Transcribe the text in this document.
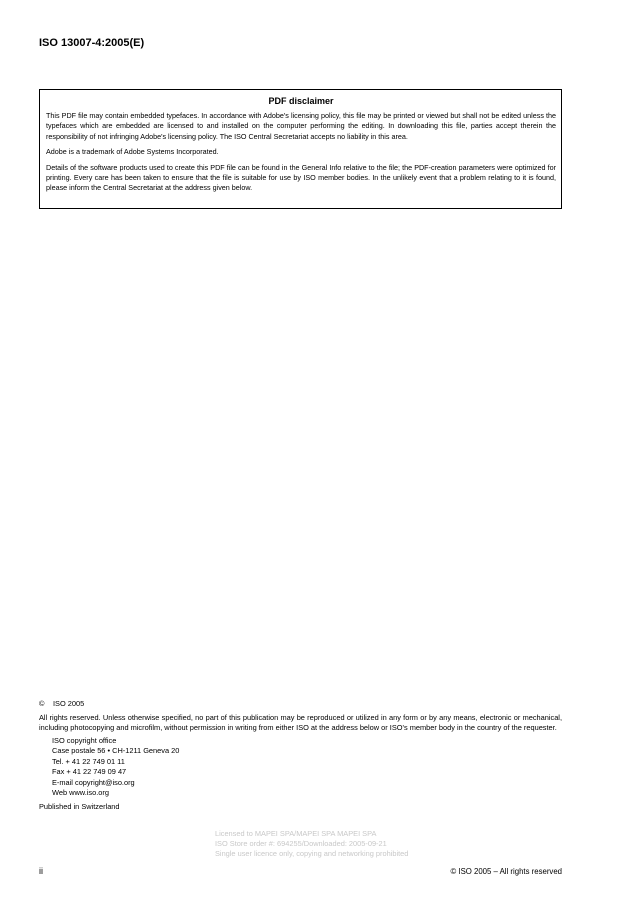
ISO 13007-4:2005(E)
PDF disclaimer

This PDF file may contain embedded typefaces. In accordance with Adobe's licensing policy, this file may be printed or viewed but shall not be edited unless the typefaces which are embedded are licensed to and installed on the computer performing the editing. In downloading this file, parties accept therein the responsibility of not infringing Adobe's licensing policy. The ISO Central Secretariat accepts no liability in this area.

Adobe is a trademark of Adobe Systems Incorporated.

Details of the software products used to create this PDF file can be found in the General Info relative to the file; the PDF-creation parameters were optimized for printing. Every care has been taken to ensure that the file is suitable for use by ISO member bodies. In the unlikely event that a problem relating to it is found, please inform the Central Secretariat at the address given below.

© ISO 2005

All rights reserved. Unless otherwise specified, no part of this publication may be reproduced or utilized in any form or by any means, electronic or mechanical, including photocopying and microfilm, without permission in writing from either ISO at the address below or ISO's member body in the country of the requester.

ISO copyright office
Case postale 56 • CH-1211 Geneva 20
Tel. + 41 22 749 01 11
Fax + 41 22 749 09 47
E-mail copyright@iso.org
Web www.iso.org

Published in Switzerland

Licensed to MAPEI SPA/MAPEI SPA MAPEI SPA
ISO Store order #: 694255/Downloaded: 2005-09-21
Single user licence only, copying and networking prohibited
ii	© ISO 2005 – All rights reserved
